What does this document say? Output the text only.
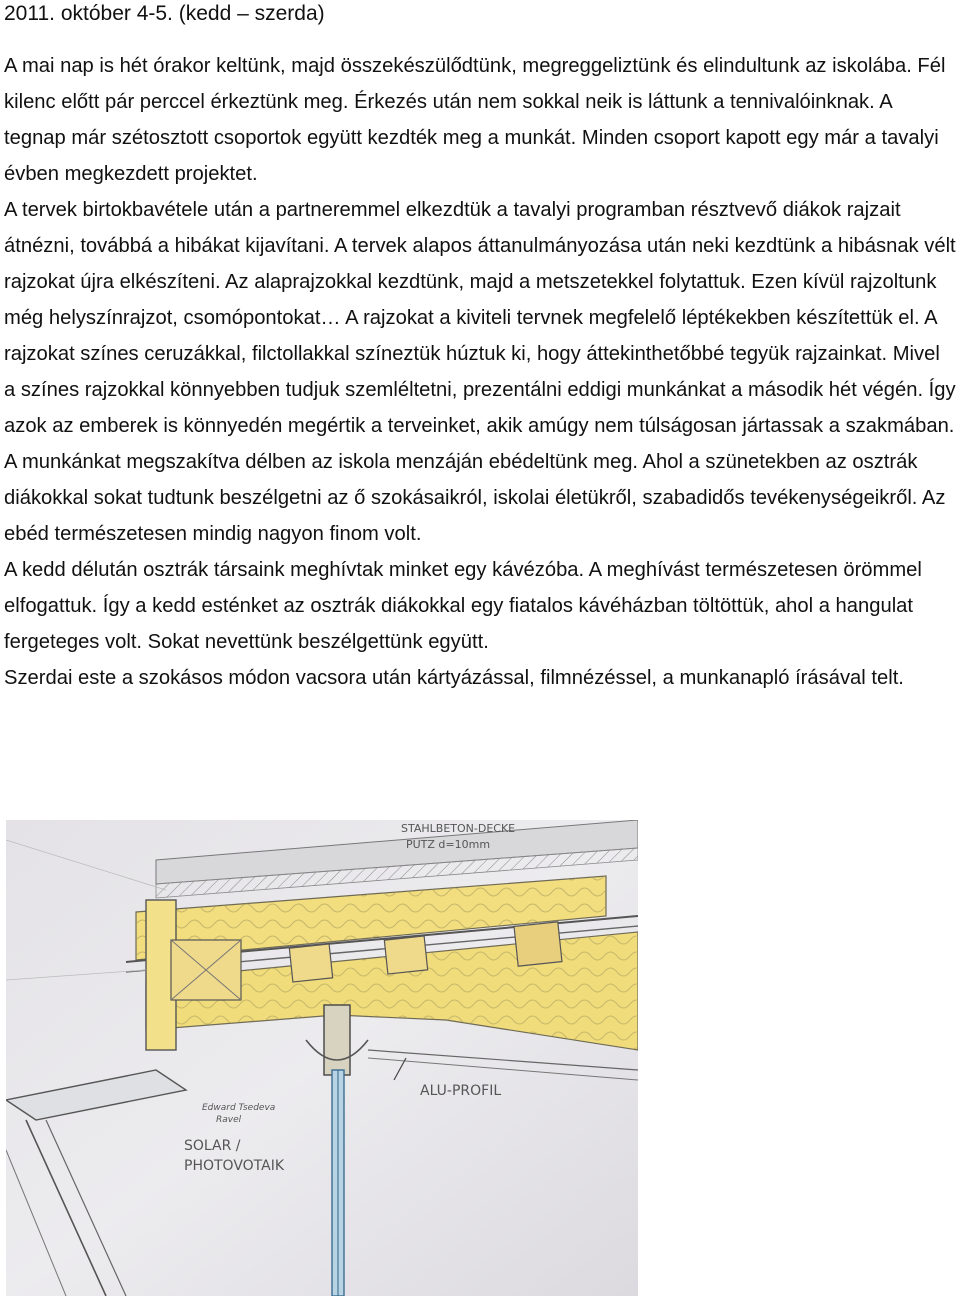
2011. október 4-5. (kedd – szerda)

A mai nap is hét órakor keltünk, majd összekészülődtünk, megreggeliztünk és elindultunk az iskolába. Fél kilenc előtt pár perccel érkeztünk meg. Érkezés után nem sokkal neik is láttunk a tennivalóinknak. A tegnap már szétosztott csoportok együtt kezdték meg a munkát. Minden csoport kapott egy már a tavalyi évben megkezdett projektet.

A tervek birtokbavétele után a partneremmel elkezdtük a tavalyi programban résztvevő diákok rajzait átnézni, továbbá a hibákat kijavítani. A tervek alapos áttanulmányozása után neki kezdtünk a hibásnak vélt rajzokat újra elkészíteni. Az alaprajzokkal kezdtünk, majd a metszetekkel folytattuk. Ezen kívül rajzoltunk még helyszínrajzot, csomópontokat… A rajzokat a kiviteli tervnek megfelelő léptékekben készítettük el. A rajzokat színes ceruzákkal, filctollakkal színeztük húztuk ki, hogy áttekinthetőbbé tegyük rajzainkat. Mivel a színes rajzokkal könnyebben tudjuk szemléltetni, prezentálni eddigi munkánkat a második hét végén. Így azok az emberek is könnyedén megértik a terveinket, akik amúgy nem túlságosan jártassak a szakmában.

A munkánkat megszakítva délben az iskola menzáján ebédeltünk meg. Ahol a szünetekben az osztrák diákokkal sokat tudtunk beszélgetni az ő szokásaikról, iskolai életükről, szabadidős tevékenységeikről. Az ebéd természetesen mindig nagyon finom volt.

A kedd délután osztrák társaink meghívtak minket egy kávézóba. A meghívást természetesen örömmel elfogattuk. Így a kedd esténket az osztrák diákokkal egy fiatalos kávéházban töltöttük, ahol a hangulat fergeteges volt. Sokat nevettünk beszélgettünk együtt.

Szerdai este a szokásos módon vacsora után kártyázással, filmnézéssel, a munkanapló írásával telt.

STAHLBETON-DECKE
PUTZ d=10mm
ALU-PROFIL
SOLAR /
PHOTOVOTAIK
Edward Tsedeva
Ravel
